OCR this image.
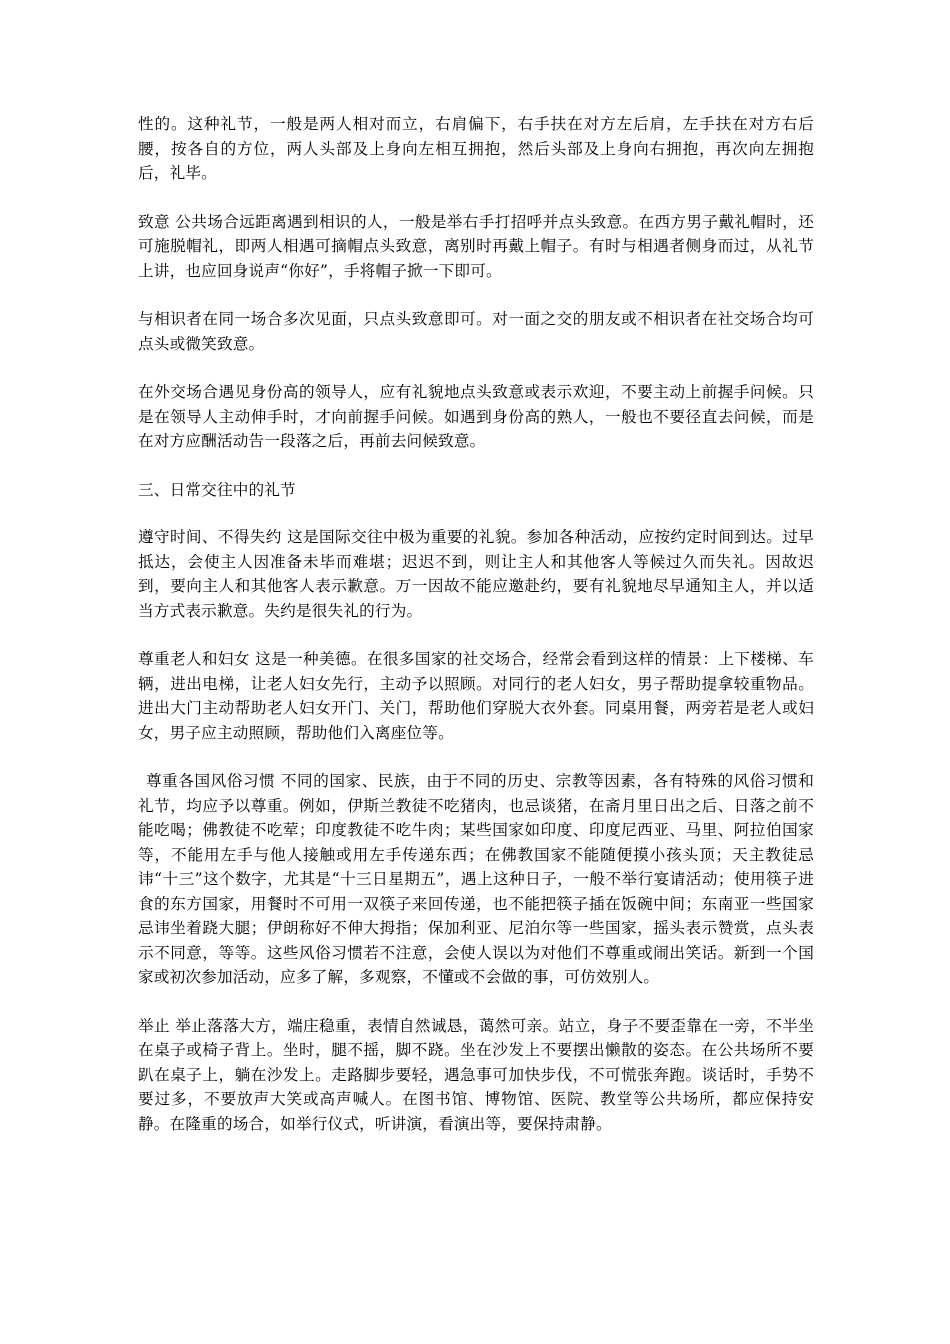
性的。这种礼节，一般是两人相对而立，右肩偏下，右手扶在对方左后肩，左手扶在对方右后腰，按各自的方位，两人头部及上身向左相互拥抱，然后头部及上身向右拥抱，再次向左拥抱后，礼毕。

致意 公共场合远距离遇到相识的人，一般是举右手打招呼并点头致意。在西方男子戴礼帽时，还可施脱帽礼，即两人相遇可摘帽点头致意，离别时再戴上帽子。有时与相遇者侧身而过，从礼节上讲，也应回身说声“你好”，手将帽子掀一下即可。

与相识者在同一场合多次见面，只点头致意即可。对一面之交的朋友或不相识者在社交场合均可点头或微笑致意。

在外交场合遇见身份高的领导人，应有礼貌地点头致意或表示欢迎，不要主动上前握手问候。只是在领导人主动伸手时，才向前握手问候。如遇到身份高的熟人，一般也不要径直去问候，而是在对方应酬活动告一段落之后，再前去问候致意。

三、日常交往中的礼节

遵守时间、不得失约 这是国际交往中极为重要的礼貌。参加各种活动，应按约定时间到达。过早抵达，会使主人因准备未毕而难堪；迟迟不到，则让主人和其他客人等候过久而失礼。因故迟到，要向主人和其他客人表示歉意。万一因故不能应邀赴约，要有礼貌地尽早通知主人，并以适当方式表示歉意。失约是很失礼的行为。

尊重老人和妇女 这是一种美德。在很多国家的社交场合，经常会看到这样的情景：上下楼梯、车辆，进出电梯，让老人妇女先行，主动予以照顾。对同行的老人妇女，男子帮助提拿较重物品。进出大门主动帮助老人妇女开门、关门，帮助他们穿脱大衣外套。同桌用餐，两旁若是老人或妇女，男子应主动照顾，帮助他们入离座位等。

尊重各国风俗习惯 不同的国家、民族，由于不同的历史、宗教等因素，各有特殊的风俗习惯和礼节，均应予以尊重。例如，伊斯兰教徒不吃猪肉，也忌谈猪，在斋月里日出之后、日落之前不能吃喝；佛教徒不吃荤；印度教徒不吃牛肉；某些国家如印度、印度尼西亚、马里、阿拉伯国家等，不能用左手与他人接触或用左手传递东西；在佛教国家不能随便摸小孩头顶；天主教徒忌讳“十三”这个数字，尤其是“十三日星期五”，遇上这种日子，一般不举行宴请活动；使用筷子进食的东方国家，用餐时不可用一双筷子来回传递，也不能把筷子插在饭碗中间；东南亚一些国家忌讳坐着跷大腿；伊朗称好不伸大拇指；保加利亚、尼泊尔等一些国家，摇头表示赞赏，点头表示不同意，等等。这些风俗习惯若不注意，会使人误以为对他们不尊重或闹出笑话。新到一个国家或初次参加活动，应多了解，多观察，不懂或不会做的事，可仿效别人。

举止 举止落落大方，端庄稳重，表情自然诚恳，蔼然可亲。站立，身子不要歪靠在一旁，不半坐在桌子或椅子背上。坐时，腿不摇，脚不跷。坐在沙发上不要摆出懒散的姿态。在公共场所不要趴在桌子上，躺在沙发上。走路脚步要轻，遇急事可加快步伐，不可慌张奔跑。谈话时，手势不要过多，不要放声大笑或高声喊人。在图书馆、博物馆、医院、教堂等公共场所，都应保持安静。在隆重的场合，如举行仪式，听讲演，看演出等，要保持肃静。
